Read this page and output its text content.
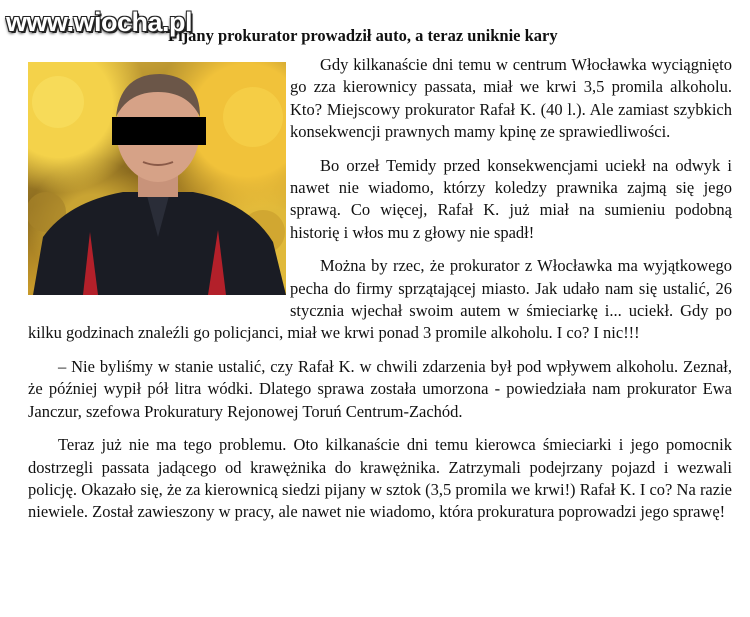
www.wiocha.pl
Pijany prokurator prowadził auto, a teraz uniknie kary

Gdy kilkanaście dni temu w centrum Włocławka wyciągnięto go zza kierownicy passata, miał we krwi 3,5 promila alkoholu. Kto? Miejscowy prokurator Rafał K. (40 l.). Ale zamiast szybkich konsekwencji prawnych mamy kpinę ze sprawiedliwości.

Bo orzeł Temidy przed konsekwencjami uciekł na odwyk i nawet nie wiadomo, którzy koledzy prawnika zajmą się jego sprawą. Co więcej, Rafał K. już miał na sumieniu podobną historię i włos mu z głowy nie spadł!

Można by rzec, że prokurator z Włocławka ma wyjątkowego pecha do firmy sprzątającej miasto. Jak udało nam się ustalić, 26 stycznia wjechał swoim autem w śmieciarkę i... uciekł. Gdy po kilku godzinach znaleźli go policjanci, miał we krwi ponad 3 promile alkoholu. I co? I nic!!!

– Nie byliśmy w stanie ustalić, czy Rafał K. w chwili zdarzenia był pod wpływem alkoholu. Zeznał, że później wypił pół litra wódki. Dlatego sprawa została umorzona - powiedziała nam prokurator Ewa Janczur, szefowa Prokuratury Rejonowej Toruń Centrum-Zachód.

Teraz już nie ma tego problemu. Oto kilkanaście dni temu kierowca śmieciarki i jego pomocnik dostrzegli passata jadącego od krawężnika do krawężnika. Zatrzymali podejrzany pojazd i wezwali policję. Okazało się, że za kierownicą siedzi pijany w sztok (3,5 promila we krwi!) Rafał K. I co? Na razie niewiele. Został zawieszony w pracy, ale nawet nie wiadomo, która prokuratura poprowadzi jego sprawę!
